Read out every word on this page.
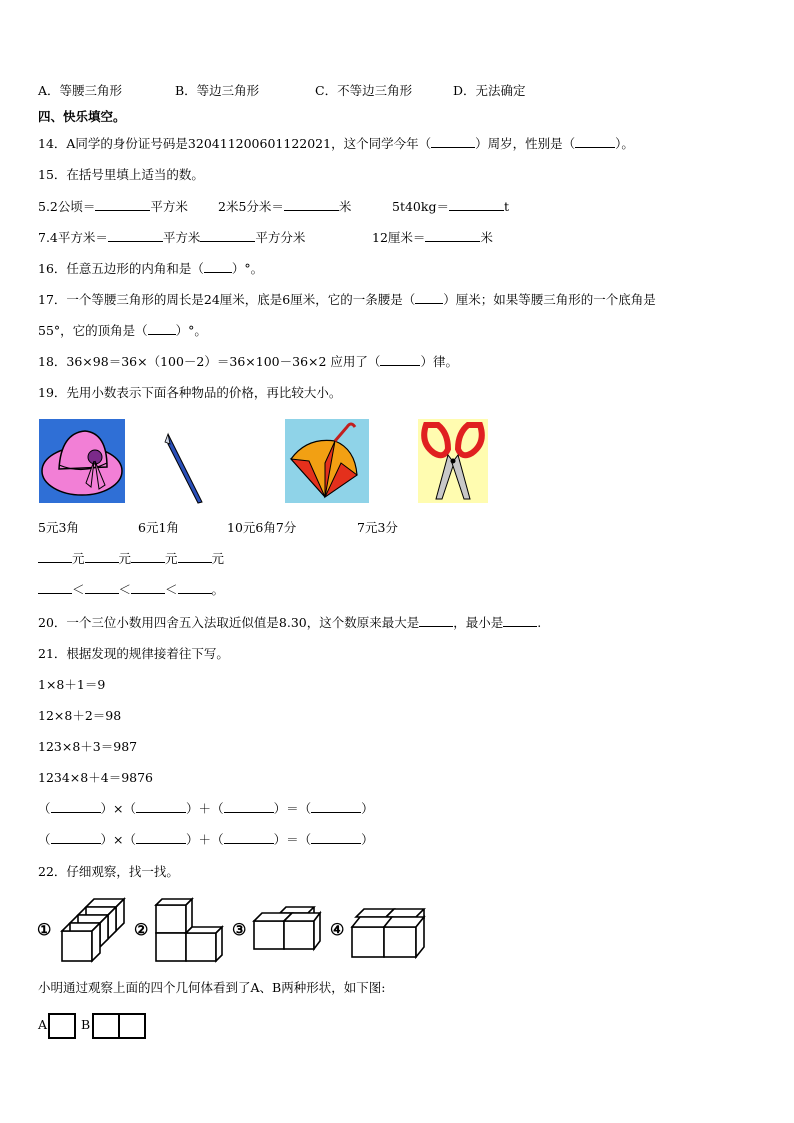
A．等腰三角形	B．等边三角形	C．不等边三角形	D．无法确定
四、快乐填空。
14．A同学的身份证号码是320411200601122021，这个同学今年（	）周岁，性别是（	）。
15．在括号里填上适当的数。
5.2公顷＝	平方米 2米5分米＝	米	5t40kg＝	t
7.4平方米＝	平方米	平方分米	12厘米＝	米
16．任意五边形的内角和是（ ）°。
17．一个等腰三角形的周长是24厘米，底是6厘米，它的一条腰是（ ）厘米；如果等腰三角形的一个底角是
55°，它的顶角是（ ）°。
18．36×98＝36×（100－2）＝36×100－36×2 应用了（	）律。
19．先用小数表示下面各种物品的价格，再比较大小。
5元3角	6元1角	10元6角7分	7元3分
元	元	元	元
＜	＜	＜	。
20．一个三位小数用四舍五入法取近似值是8.30，这个数原来最大是	，最小是	.
21．根据发现的规律接着往下写。
1×8＋1＝9
12×8＋2＝98
123×8＋3＝987
1234×8＋4＝9876
（	）×（	）＋（	）＝（	）
（	）×（	）＋（	）＝（	）
22．仔细观察，找一找。
①	②	③	④
小明通过观察上面的四个几何体看到了A、B两种形状，如下图:
A	B
